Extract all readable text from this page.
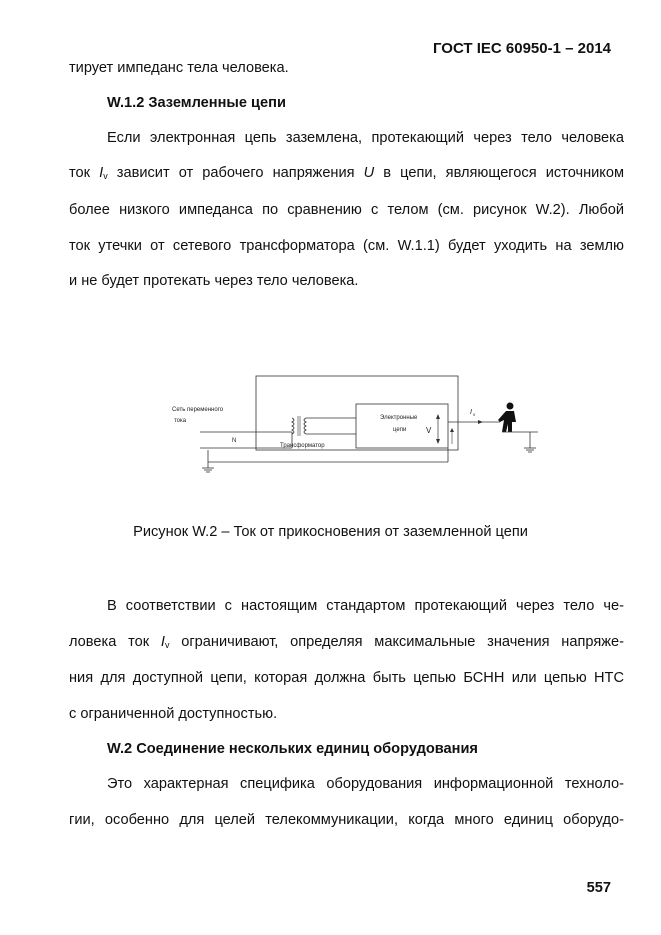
ГОСТ IEC 60950-1 – 2014
тирует импеданс тела человека.
W.1.2 Заземленные цепи
Если электронная цепь заземлена, протекающий через тело человека
ток $I_v$ зависит от рабочего напряжения U в цепи, являющегося источником
более низкого импеданса по сравнению с телом (см. рисунок W.2). Любой
ток утечки от сетевого трансформатора (см. W.1.1) будет уходить на землю
и не будет протекать через тело человека.
Сеть переменного
тока
N
Трансформатор
Электронные
цепи V
I v
Рисунок W.2 – Ток от прикосновения от заземленной цепи
В соответствии с настоящим стандартом протекающий через тело че-
ловека ток $I_v$ ограничивают, определяя максимальные значения напряже-
ния для доступной цепи, которая должна быть цепью БСНН или цепью НТС
с ограниченной доступностью.
W.2 Соединение нескольких единиц оборудования
Это характерная специфика оборудования информационной техноло-
гии, особенно для целей телекоммуникации, когда много единиц оборудо-
557
